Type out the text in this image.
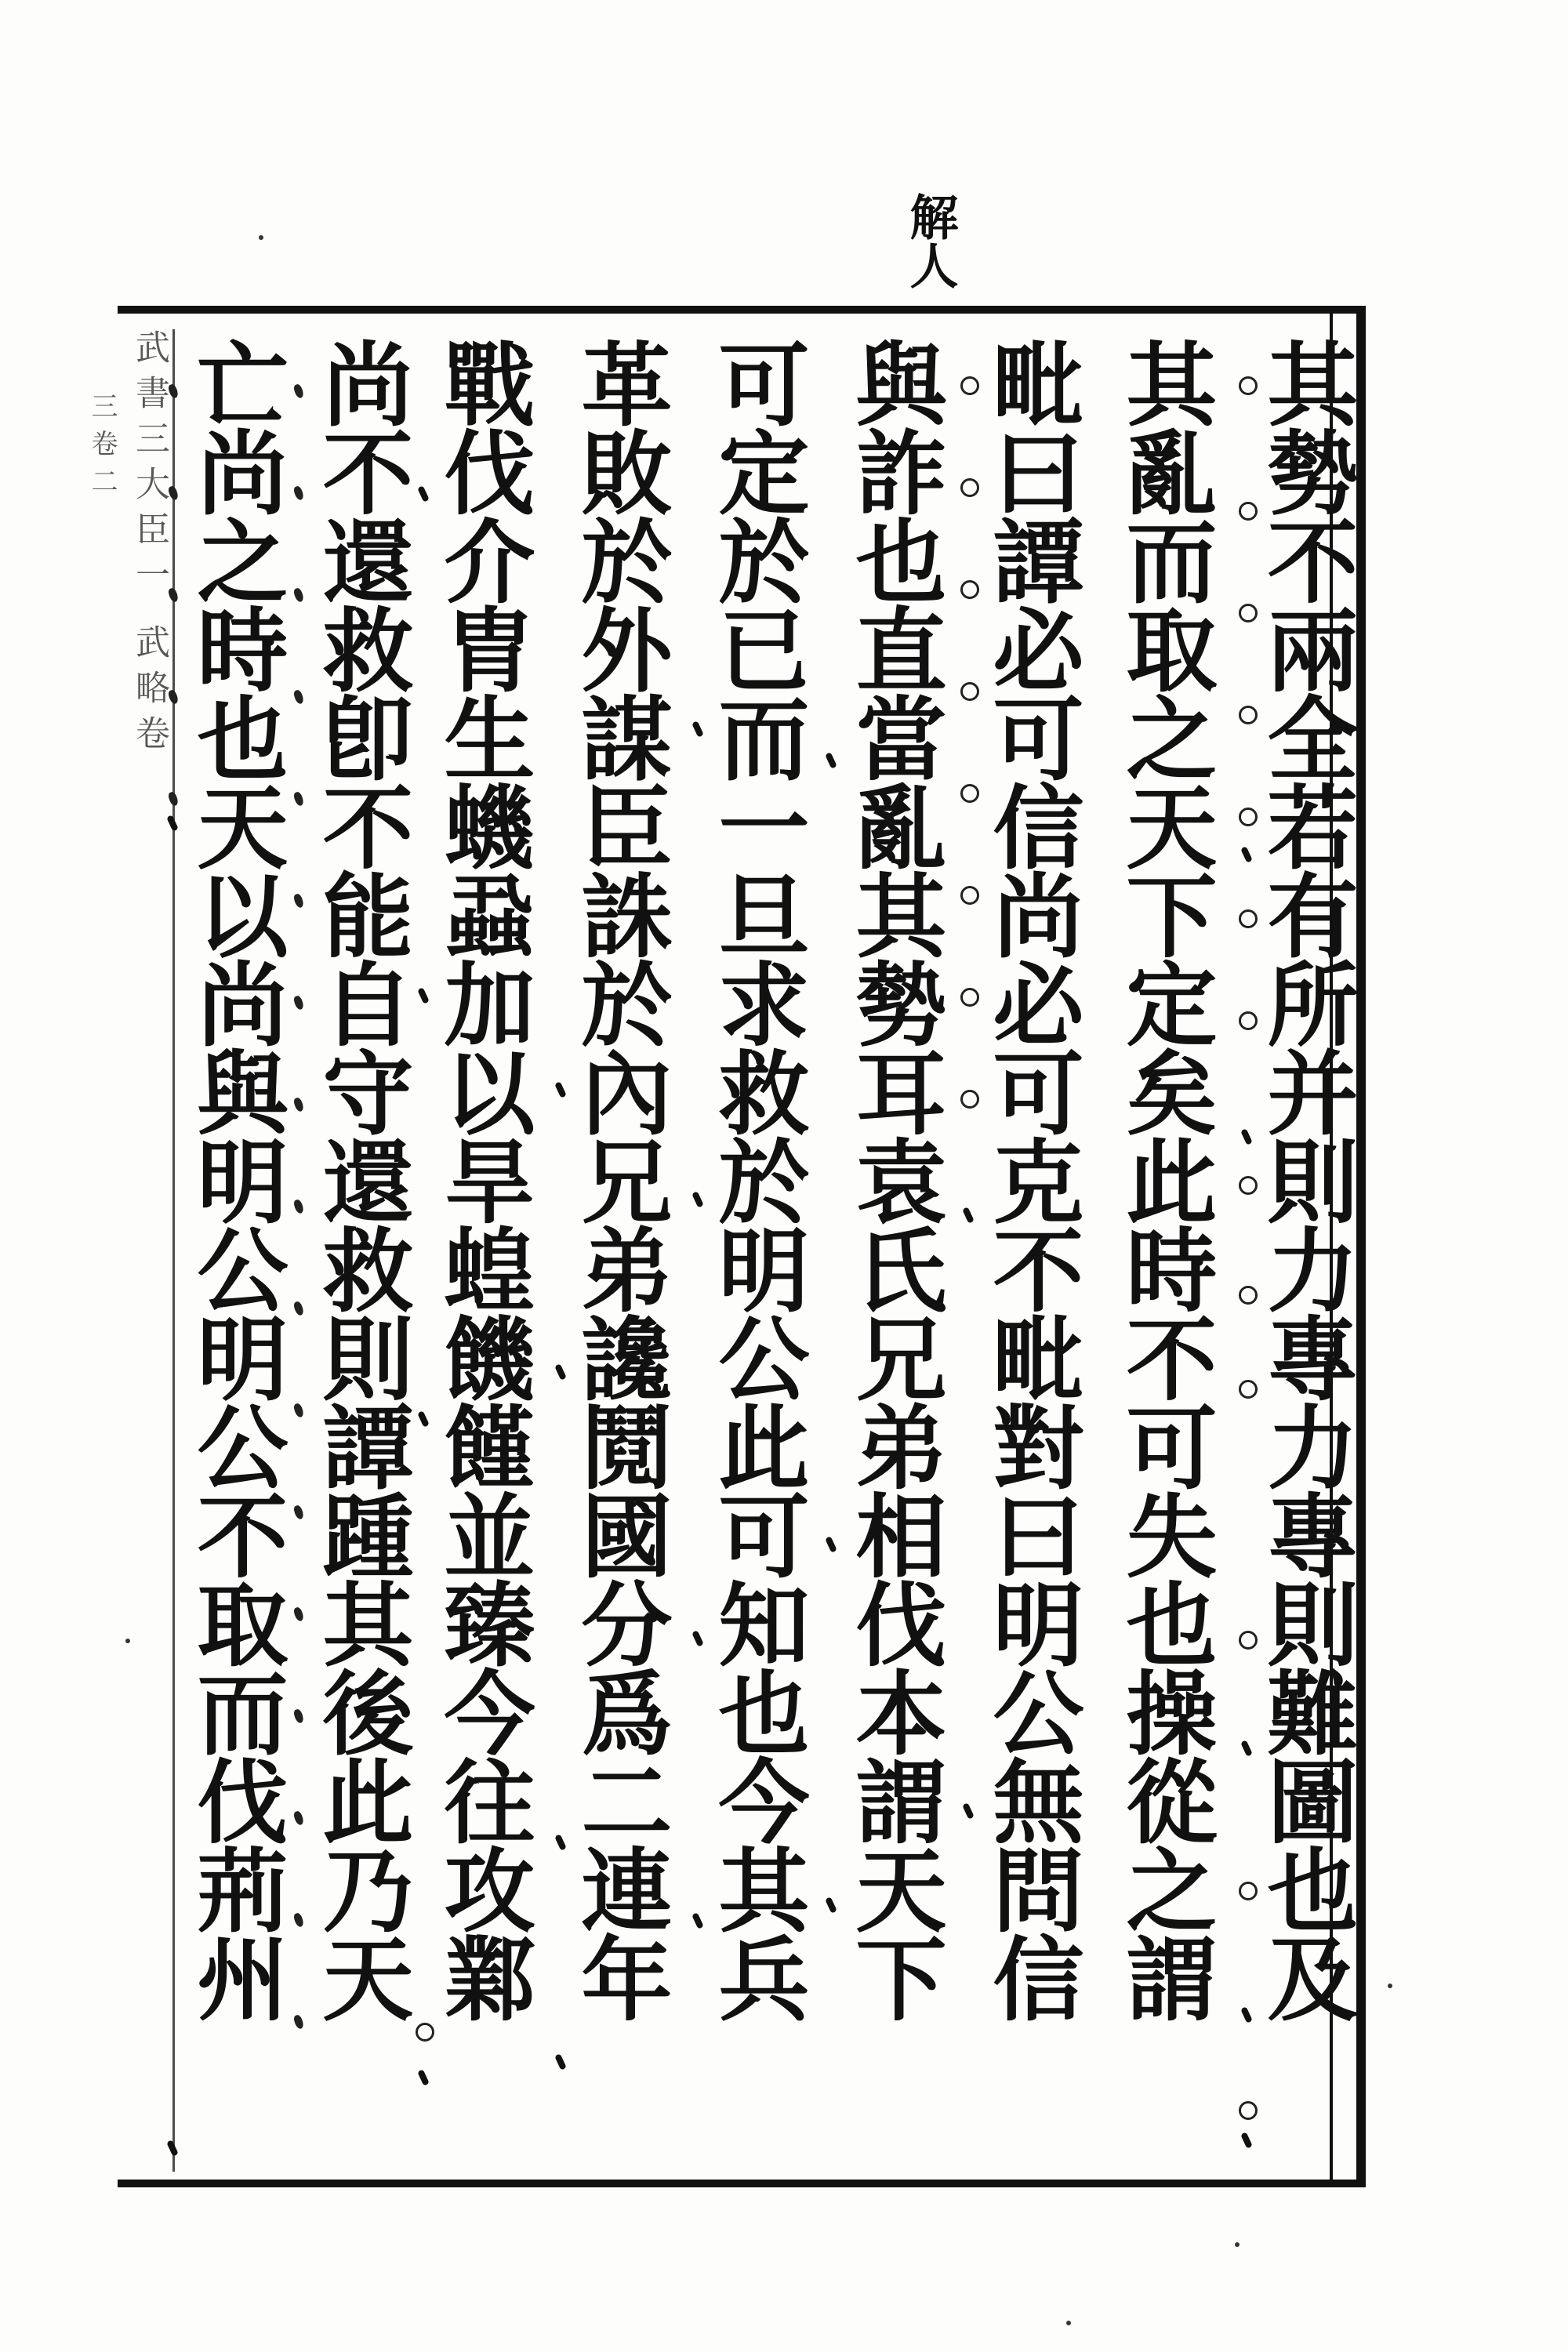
解人
武書三大臣一 武略卷
三卷二	其勢不兩全若有所并則力專力專則難圖也及
其亂而取之天下定矣此時不可失也操從之謂
毗曰譚必可信尚必可克不毗對曰明公無問信
與詐也直當亂其勢耳袁氏兄弟相伐本謂天下
可定於已而一旦求救於明公此可知也今其兵
革敗於外謀臣誅於內兄弟讒鬩國分爲二連年
戰伐介胄生蟣蝨加以旱蝗饑饉並臻今往攻鄴
尚不還救卽不能自守還救則譚踵其後此乃天
亡尚之時也天以尚與明公明公不取而伐荊州
